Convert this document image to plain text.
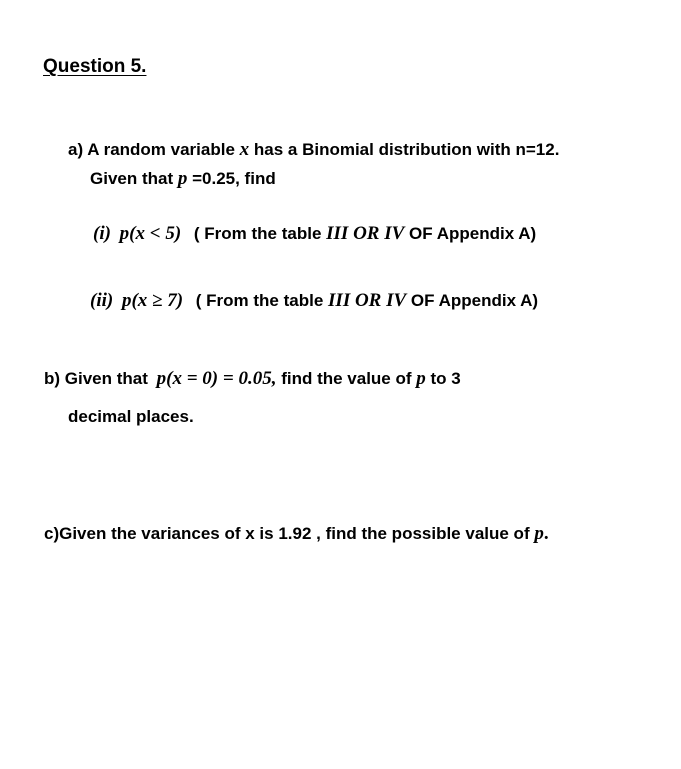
Question 5.
a) A random variable x has a Binomial distribution with n=12.
Given that p =0.25, find
(i) p(x < 5) ( From the table III OR IV OF Appendix A)
(ii) p(x ≥ 7) ( From the table III OR IV OF Appendix A)
b) Given that p(x = 0) = 0.05, find the value of p to 3
decimal places.
c)Given the variances of x is 1.92 , find the possible value of p.
